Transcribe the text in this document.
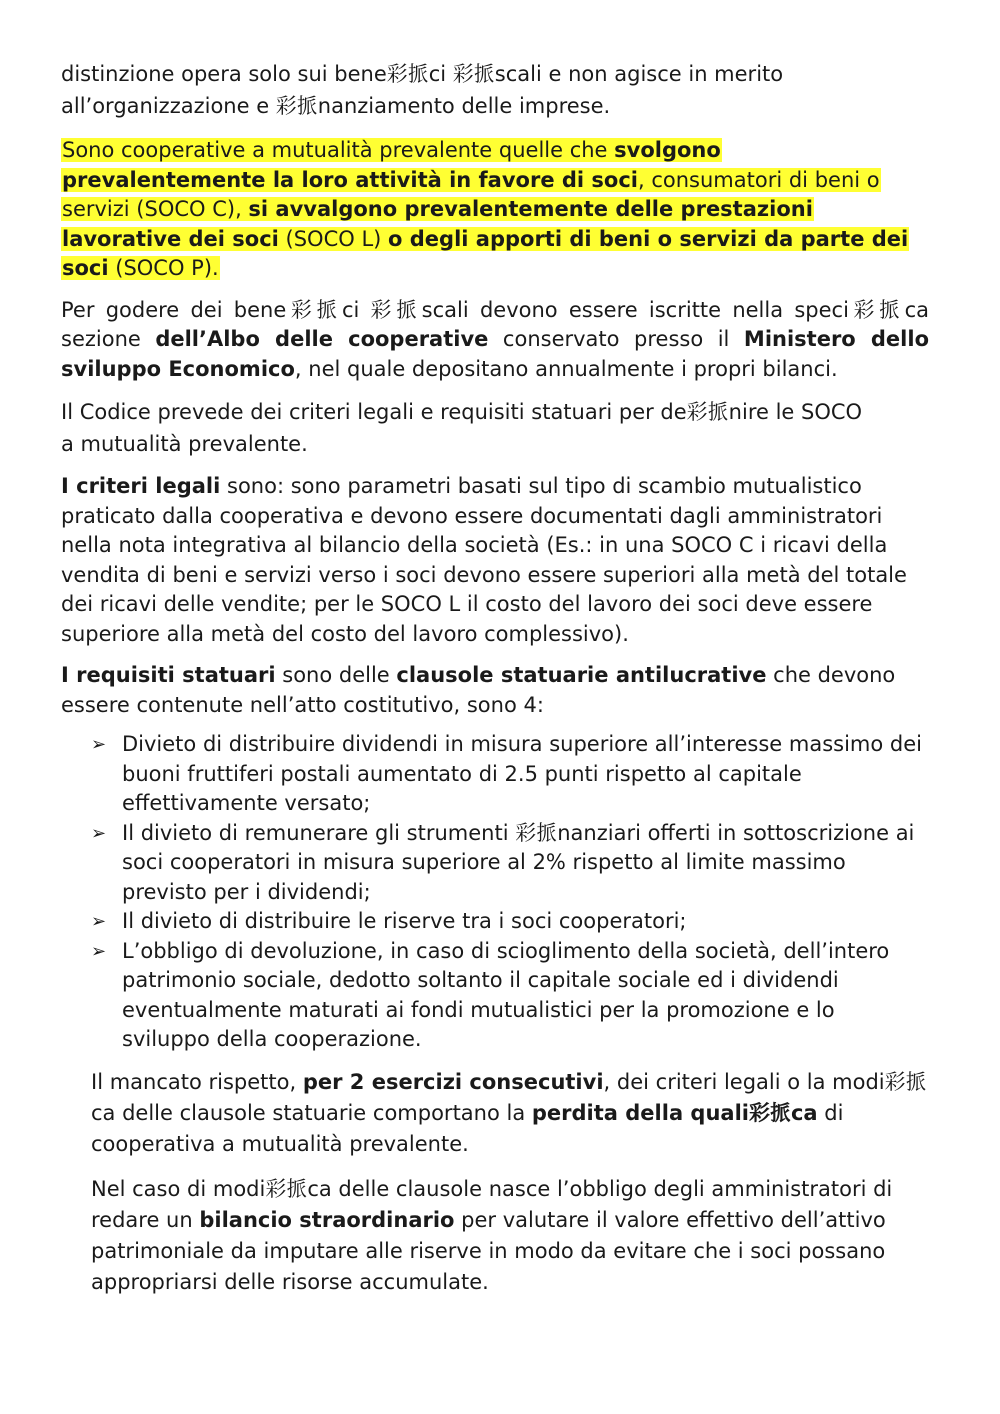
distinzione opera solo sui bene彩挀ci 彩挀scali e non agisce in merito
all’organizzazione e 彩挀nanziamento delle imprese.

Sono cooperative a mutualità prevalente quelle che svolgono prevalentemente la loro attività in favore di soci, consumatori di beni o servizi (SOCO C), si avvalgono prevalentemente delle prestazioni lavorative dei soci (SOCO L) o degli apporti di beni o servizi da parte dei soci (SOCO P).

Per godere dei bene彩挀ci 彩挀scali devono essere iscritte nella speci彩挀ca sezione dell’Albo delle cooperative conservato presso il Ministero dello sviluppo Economico, nel quale depositano annualmente i propri bilanci.

Il Codice prevede dei criteri legali e requisiti statuari per de彩挀nire le SOCO
a mutualità prevalente.

I criteri legali sono: sono parametri basati sul tipo di scambio mutualistico praticato dalla cooperativa e devono essere documentati dagli amministratori nella nota integrativa al bilancio della società (Es.: in una SOCO C i ricavi della vendita di beni e servizi verso i soci devono essere superiori alla metà del totale dei ricavi delle vendite; per le SOCO L il costo del lavoro dei soci deve essere superiore alla metà del costo del lavoro complessivo).

I requisiti statuari sono delle clausole statuarie antilucrative che devono essere contenute nell’atto costitutivo, sono 4:

➢ Divieto di distribuire dividendi in misura superiore all’interesse massimo dei buoni fruttiferi postali aumentato di 2.5 punti rispetto al capitale effettivamente versato;
➢ Il divieto di remunerare gli strumenti 彩挀nanziari offerti in sottoscrizione ai soci cooperatori in misura superiore al 2% rispetto al limite massimo previsto per i dividendi;
➢ Il divieto di distribuire le riserve tra i soci cooperatori;
➢ L’obbligo di devoluzione, in caso di scioglimento della società, dell’intero patrimonio sociale, dedotto soltanto il capitale sociale ed i dividendi eventualmente maturati ai fondi mutualistici per la promozione e lo sviluppo della cooperazione.

Il mancato rispetto, per 2 esercizi consecutivi, dei criteri legali o la modi彩挀ca delle clausole statuarie comportano la perdita della quali彩挀ca di cooperativa a mutualità prevalente.

Nel caso di modi彩挀ca delle clausole nasce l’obbligo degli amministratori di redare un bilancio straordinario per valutare il valore effettivo dell’attivo patrimoniale da imputare alle riserve in modo da evitare che i soci possano appropriarsi delle risorse accumulate.
